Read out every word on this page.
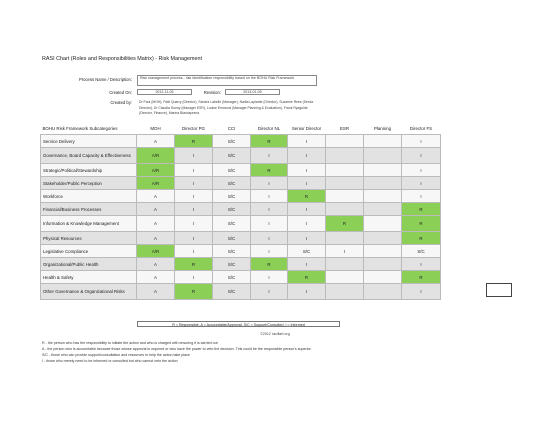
RASI Chart (Roles and Responsibilities Matrix) - Risk Management
Process Name / Description:	Risk management process - risk identification responsibility based on the BOHU Risk Framework
Created On:	2012-11-05	Revision:	2013-01-05
Created by: Dr Paul (MOH), Patti Quarry (Director), Sandra Labelle (Manager), Nadia Laplante (Director), Suzanne Rees (Senior Director), Dr Claudia Sunny (Manager ESR), Louise Emmons (Manager Planning & Evaluation), Frank Ryaguide (Director, Finance), Marina Blancaprena
BOHU Risk Framework Subcategories	MOH	Director PG	CCI	Director NL	Senior Director	ESR	Planning	Director FS
Service Delivery	A	R	S/C	R	I			I
Governance, Board Capacity & Effectiveness	A/R	I	S/C	I	I			I
Strategic/Political/Stewardship	A/R	I	S/C	R	I			I
Stakeholder/Public Perception	A/R	I	S/C	I	I			I
Workforce	A	I	S/C	I	R			I
Financial/Business Processes	A	I	S/C	I	I			R
Information & Knowledge Management	A	I	S/C	I	I	R		R
Physical Resources	A	I	S/C	I	I			R
Legislative Compliance	A/R	I	S/C	I	S/C	I		S/C
Organizational/Public Health	A	R	S/C	R	I			I
Health & Safety	A	I	S/C	I	R			R
Other Governance & Organizational Risks	A	R	S/C	I	I			I
R = Responsible, A = Accountable/Approval, S/C = Support/Consulted, I = Informed
©2012 raciliart.org
R - the person who has the responsibility to initiate the action and who is charged with ensuring it is carried out
A - the person who is accountable because those whose approval is required or who have the power to veto the decision. This could be the responsible person's superior.
S/C - those who can provide support/consultation and resources to help the action take place
I - those who merely need to be informed or consulted but who cannot veto the action
